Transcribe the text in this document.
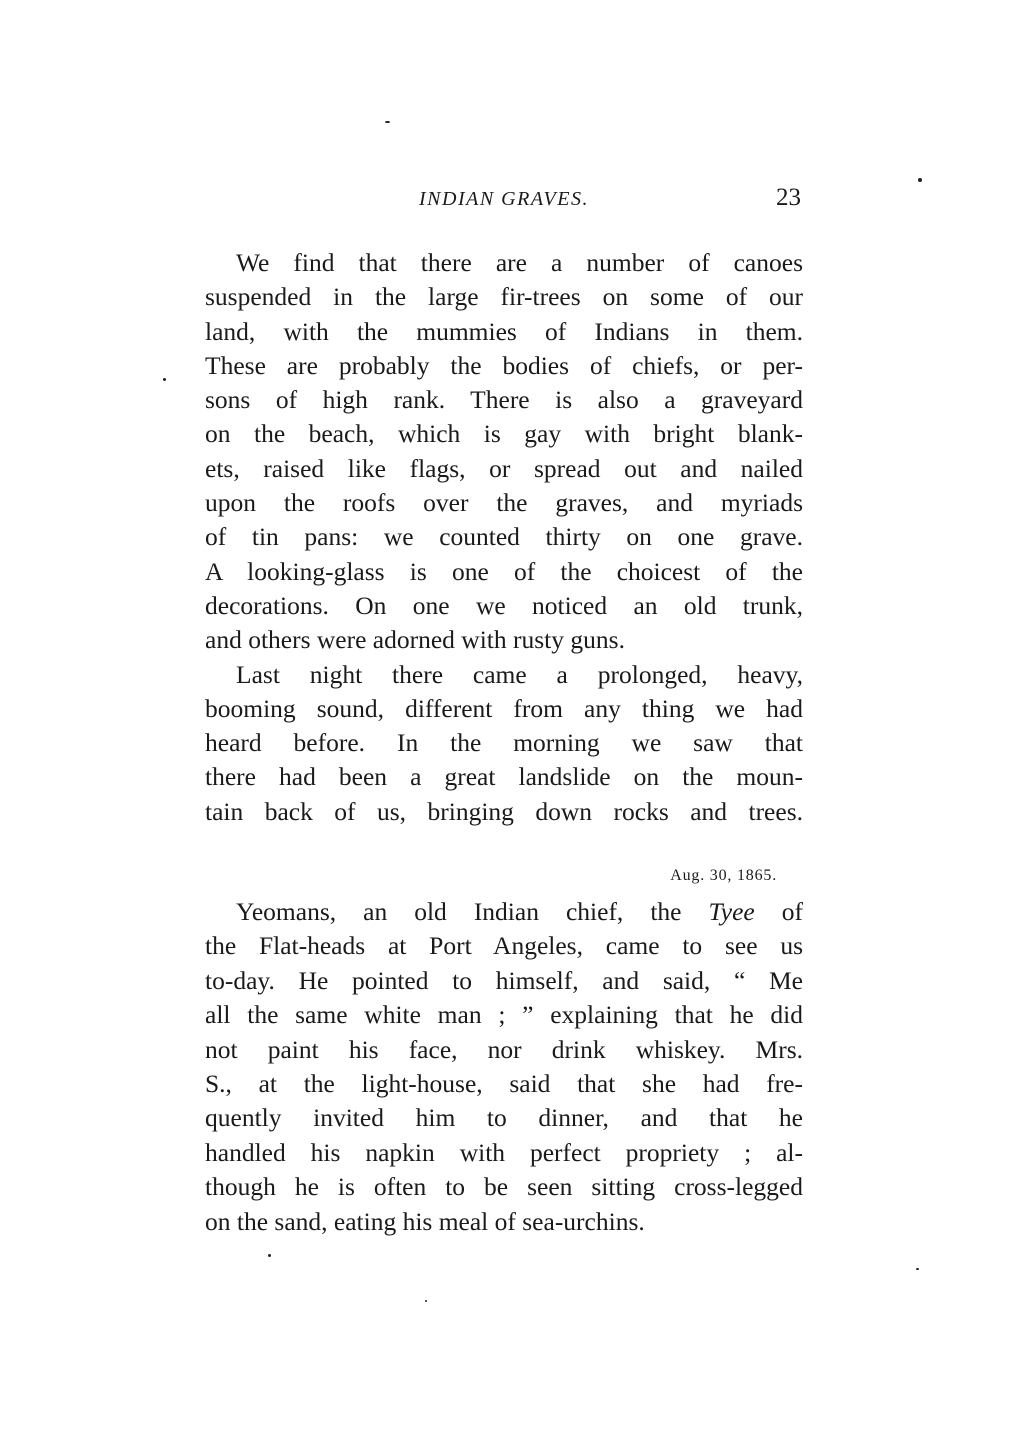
INDIAN GRAVES.	23
We find that there are a number of canoes
suspended in the large fir-trees on some of our
land, with the mummies of Indians in them.
These are probably the bodies of chiefs, or per-
sons of high rank. There is also a graveyard
on the beach, which is gay with bright blank-
ets, raised like flags, or spread out and nailed
upon the roofs over the graves, and myriads
of tin pans: we counted thirty on one grave.
A looking-glass is one of the choicest of the
decorations. On one we noticed an old trunk,
and others were adorned with rusty guns.
Last night there came a prolonged, heavy,
booming sound, different from any thing we had
heard before. In the morning we saw that
there had been a great landslide on the moun-
tain back of us, bringing down rocks and trees.
Aug. 30, 1865.
Yeomans, an old Indian chief, the Tyee of
the Flat-heads at Port Angeles, came to see us
to-day. He pointed to himself, and said, “ Me
all the same white man ; ” explaining that he did
not paint his face, nor drink whiskey. Mrs.
S., at the light-house, said that she had fre-
quently invited him to dinner, and that he
handled his napkin with perfect propriety ; al-
though he is often to be seen sitting cross-legged
on the sand, eating his meal of sea-urchins.
